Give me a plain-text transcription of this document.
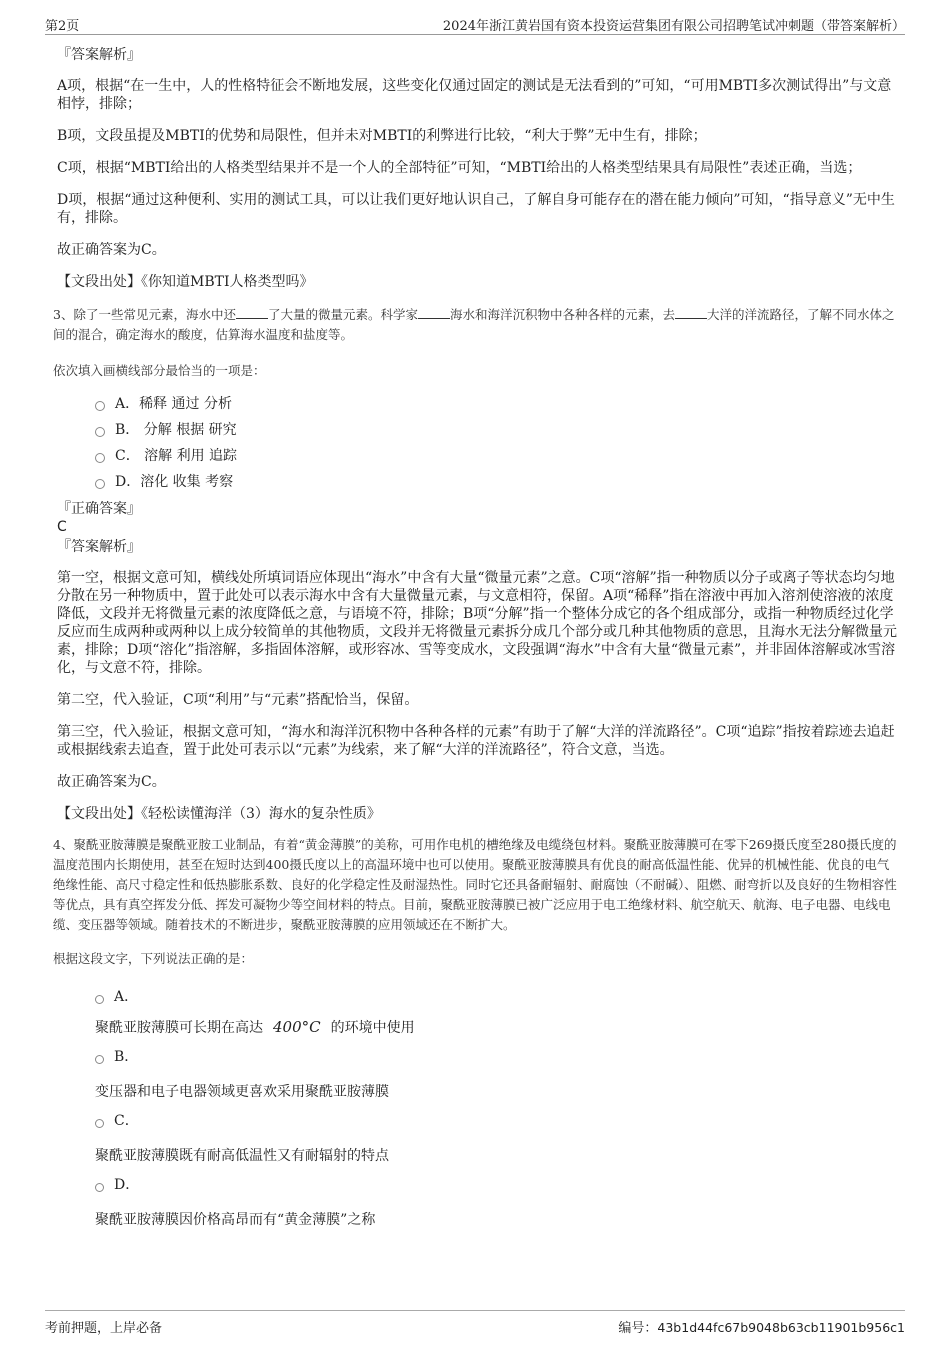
第2页	2024年浙江黄岩国有资本投资运营集团有限公司招聘笔试冲刺题（带答案解析）

『答案解析』

A项，根据“在一生中，人的性格特征会不断地发展，这些变化仅通过固定的测试是无法看到的”可知，“可用MBTI多次测试得出”与文意相悖，排除；

B项，文段虽提及MBTI的优势和局限性，但并未对MBTI的利弊进行比较，“利大于弊”无中生有，排除；

C项，根据“MBTI给出的人格类型结果并不是一个人的全部特征”可知，“MBTI给出的人格类型结果具有局限性”表述正确，当选；

D项，根据“通过这种便利、实用的测试工具，可以让我们更好地认识自己，了解自身可能存在的潜在能力倾向”可知，“指导意义”无中生有，排除。

故正确答案为C。

【文段出处】《你知道MBTI人格类型吗》

3、除了一些常见元素，海水中还	了大量的微量元素。科学家	海水和海洋沉积物中各种各样的元素，去	大洋的洋流路径，了解不同水体之间的混合，确定海水的酸度，估算海水温度和盐度等。

依次填入画横线部分最恰当的一项是：

A．稀释 通过 分析
B． 分解 根据 研究
C． 溶解 利用 追踪
D．溶化 收集 考察

『正确答案』

C

『答案解析』

第一空，根据文意可知，横线处所填词语应体现出“海水”中含有大量“微量元素”之意。C项“溶解”指一种物质以分子或离子等状态均匀地分散在另一种物质中，置于此处可以表示海水中含有大量微量元素，与文意相符，保留。A项“稀释”指在溶液中再加入溶剂使溶液的浓度降低，文段并无将微量元素的浓度降低之意，与语境不符，排除；B项“分解”指一个整体分成它的各个组成部分，或指一种物质经过化学反应而生成两种或两种以上成分较简单的其他物质，文段并无将微量元素拆分成几个部分或几种其他物质的意思，且海水无法分解微量元素，排除；D项“溶化”指溶解，多指固体溶解，或形容冰、雪等变成水，文段强调“海水”中含有大量“微量元素”，并非固体溶解或冰雪溶化，与文意不符，排除。

第二空，代入验证，C项“利用”与“元素”搭配恰当，保留。

第三空，代入验证，根据文意可知，“海水和海洋沉积物中各种各样的元素”有助于了解“大洋的洋流路径”。C项“追踪”指按着踪迹去追赶或根据线索去追查，置于此处可表示以“元素”为线索，来了解“大洋的洋流路径”，符合文意，当选。

故正确答案为C。

【文段出处】《轻松读懂海洋（3）海水的复杂性质》

4、聚酰亚胺薄膜是聚酰亚胺工业制品，有着“黄金薄膜”的美称，可用作电机的槽绝缘及电缆绕包材料。聚酰亚胺薄膜可在零下269摄氏度至280摄氏度的温度范围内长期使用，甚至在短时达到400摄氏度以上的高温环境中也可以使用。聚酰亚胺薄膜具有优良的耐高低温性能、优异的机械性能、优良的电气绝缘性能、高尺寸稳定性和低热膨胀系数、良好的化学稳定性及耐湿热性。同时它还具备耐辐射、耐腐蚀（不耐碱）、阻燃、耐弯折以及良好的生物相容性等优点，具有真空挥发分低、挥发可凝物少等空间材料的特点。目前，聚酰亚胺薄膜已被广泛应用于电工绝缘材料、航空航天、航海、电子电器、电线电缆、变压器等领域。随着技术的不断进步，聚酰亚胺薄膜的应用领域还在不断扩大。

根据这段文字，下列说法正确的是：

A．
聚酰亚胺薄膜可长期在高达 400°C 的环境中使用
B．
变压器和电子电器领域更喜欢采用聚酰亚胺薄膜
C．
聚酰亚胺薄膜既有耐高低温性又有耐辐射的特点
D．
聚酰亚胺薄膜因价格高昂而有“黄金薄膜”之称
考前押题，上岸必备	编号：43b1d44fc67b9048b63cb11901b956c1
